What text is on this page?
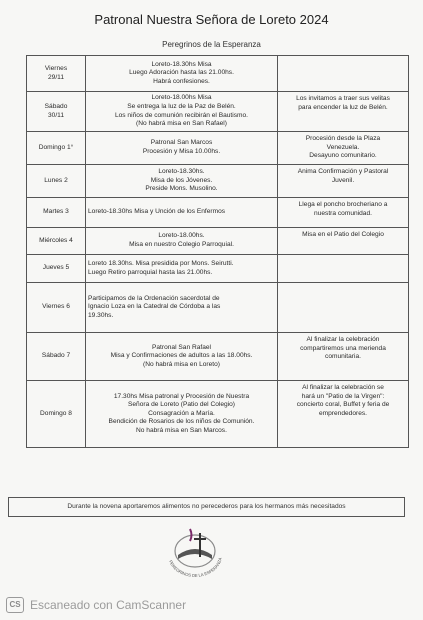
Patronal Nuestra Señora de Loreto 2024
Peregrinos de la Esperanza
Viernes
29/11	Loreto-18.30hs Misa
Luego Adoración hasta las 21.00hs.
Habrá confesiones.	

Sábado
30/11	Loreto-18.00hs Misa
Se entrega la luz de la Paz de Belén.
Los niños de comunión recibirán el Bautismo.
(No habrá misa en San Rafael)	Los invitamos a traer sus velitas
para encender la luz de Belén.

Domingo 1°	Patronal San Marcos
Procesión y Misa 10.00hs.	Procesión desde la Plaza
Venezuela.
Desayuno comunitario.

Lunes 2	Loreto-18.30hs.
Misa de los Jóvenes.
Preside Mons. Musolino.	Anima Confirmación y Pastoral
Juvenil.

Martes 3	Loreto-18.30hs Misa y Unción de los Enfermos	Llega el poncho brocheriano a
nuestra comunidad.

Miércoles 4	Loreto-18.00hs.
Misa en nuestro Colegio Parroquial.	Misa en el Patio del Colegio

Jueves 5	Loreto 18.30hs. Misa presidida por Mons. Seirutti.
Luego Retiro parroquial hasta las 21.00hs.	

Viernes 6	Participamos de la Ordenación sacerdotal de
Ignacio Loza en la Catedral de Córdoba a las
19.30hs.	

Sábado 7	Patronal San Rafael
Misa y Confirmaciones de adultos a las 18.00hs.
(No habrá misa en Loreto)	Al finalizar la celebración
compartiremos una merienda
comunitaria.

Domingo 8	17.30hs Misa patronal y Procesión de Nuestra
Señora de Loreto (Patio del Colegio)
Consagración a María.
Bendición de Rosarios de los niños de Comunión.
No habrá misa en San Marcos.	Al finalizar la celebración se
hará un "Patio de la Virgen":
concierto coral, Buffet y feria de
emprendedores.
Durante la novena aportaremos alimentos no perecederos para los hermanos más necesitados
PEREGRINOS DE LA ESPERANZA
CS Escaneado con CamScanner
